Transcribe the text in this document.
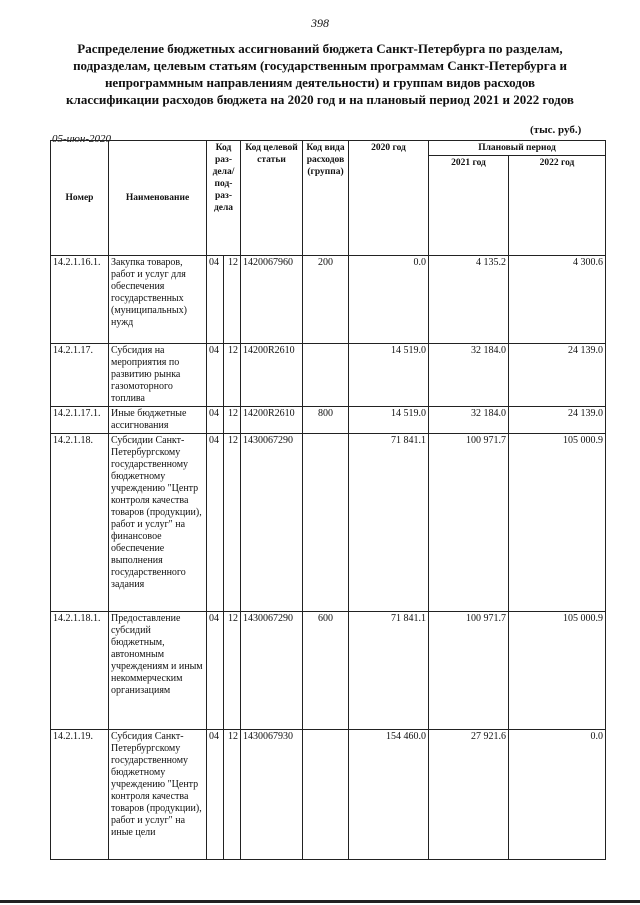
398
Распределение бюджетных ассигнований бюджета Санкт-Петербурга по разделам, подразделам, целевым статьям (государственным программам Санкт-Петербурга и непрограммным направлениям деятельности) и группам видов расходов классификации расходов бюджета на 2020 год и на плановый период 2021 и 2022 годов
05-июн-2020
(тыс. руб.)
Номер	Наименование	Код раз-дела/ под-раз-дела		Код целевой статьи	Код вида расходов (группа)	2020 год	Плановый период	
							2021 год	2022 год
14.2.1.16.1.	Закупка товаров, работ и услуг для обеспечения государственных (муниципальных) нужд	04	12	1420067960	200	0.0	4 135.2	4 300.6
14.2.1.17.	Субсидия на мероприятия по развитию рынка газомоторного топлива	04	12	14200R2610		14 519.0	32 184.0	24 139.0
14.2.1.17.1.	Иные бюджетные ассигнования	04	12	14200R2610	800	14 519.0	32 184.0	24 139.0
14.2.1.18.	Субсидии Санкт-Петербургскому государственному бюджетному учреждению "Центр контроля качества товаров (продукции), работ и услуг" на финансовое обеспечение выполнения государственного задания	04	12	1430067290		71 841.1	100 971.7	105 000.9
14.2.1.18.1.	Предоставление субсидий бюджетным, автономным учреждениям и иным некоммерческим организациям	04	12	1430067290	600	71 841.1	100 971.7	105 000.9
14.2.1.19.	Субсидия Санкт-Петербургскому государственному бюджетному учреждению "Центр контроля качества товаров (продукции), работ и услуг" на иные цели	04	12	1430067930		154 460.0	27 921.6	0.0
